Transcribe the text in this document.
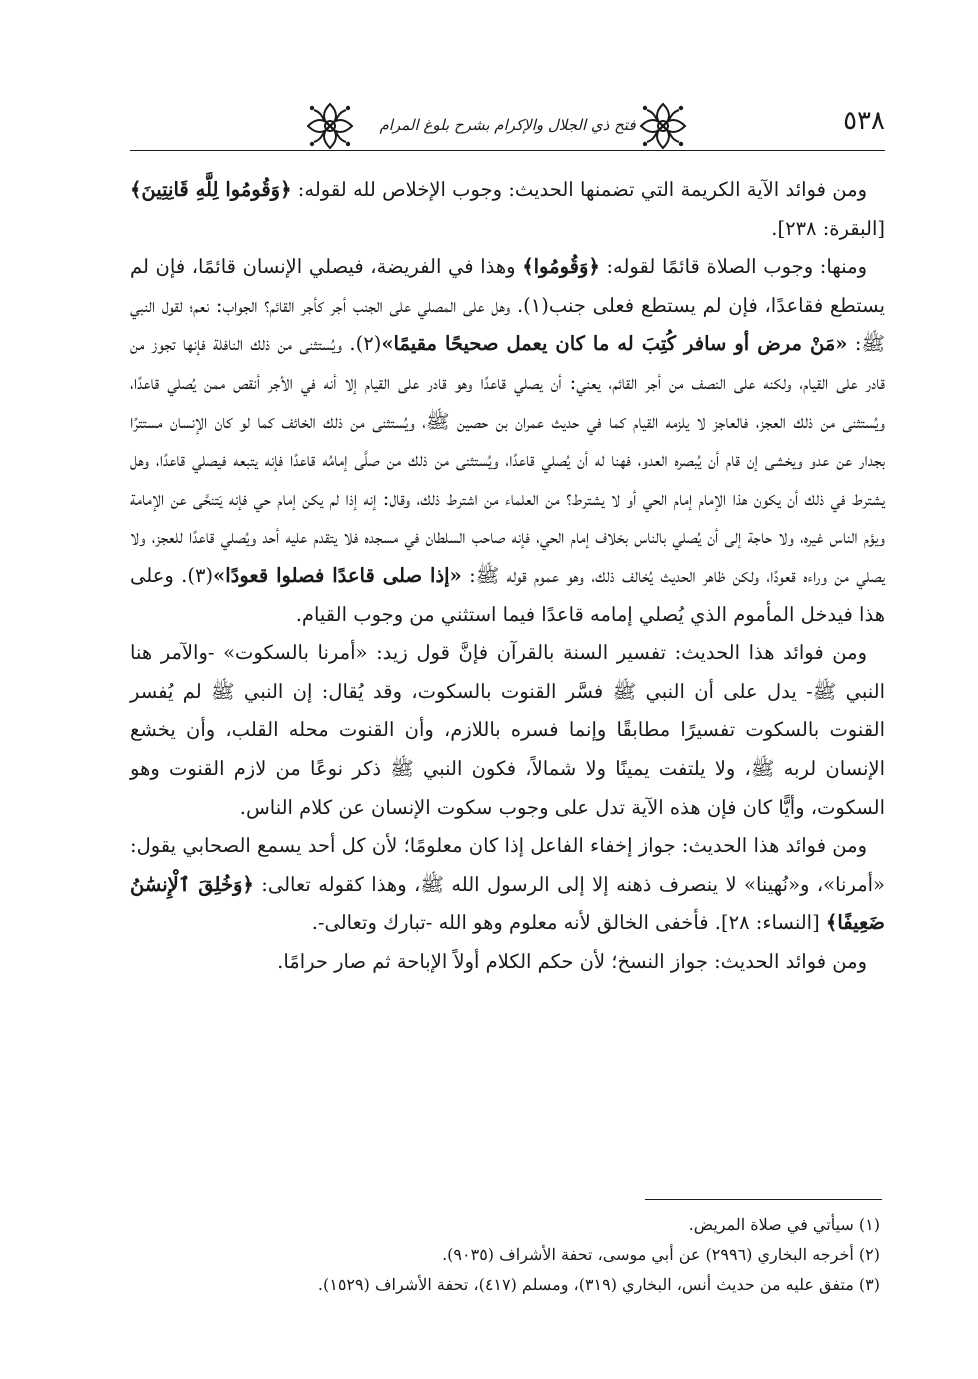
٥٣٨
فتح ذي الجلال والإكرام بشرح بلوغ المرام

ومن فوائد الآية الكريمة التي تضمنها الحديث: وجوب الإخلاص لله لقوله: ﴿وَقُومُوا لِلَّهِ قَانِتِينَ﴾ [البقرة: ٢٣٨].

ومنها: وجوب الصلاة قائمًا لقوله: ﴿وَقُومُوا﴾ وهذا في الفريضة، فيصلي الإنسان قائمًا، فإن لم يستطع فقاعدًا، فإن لم يستطع فعلى جنب(١). وهل على المصلي على الجنب أجر كأجر القائم؟ الجواب: نعم؛ لقول النبي ﷺ: «مَنْ مرض أو سافر كُتِبَ له ما كان يعمل صحيحًا مقيمًا»(٢). ويُستثنى من ذلك النافلة فإنها تجوز من قادر على القيام، ولكنه على النصف من أجر القائم، يعني: أن يصلي قاعدًا وهو قادر على القيام إلا أنه في الأجر أنقص ممن يُصلي قاعدًا، ويُستثنى من ذلك العجز، فالعاجز لا يلزمه القيام كما في حديث عمران بن حصين ﷺ، ويُستثنى من ذلك الخائف كما لو كان الإنسان مستترًا بجدار عن عدو ويخشى إن قام أن يُبصره العدو، فهنا له أن يُصلي قاعدًا، ويُستثنى من ذلك من صلَّى إمامُه قاعدًا فإنه يتبعه فيصلي قاعدًا، وهل يشترط في ذلك أن يكون هذا الإمام إمام الحي أو لا يشترط؟ من العلماء من اشترط ذلك، وقال: إنه إذا لم يكن إمام حي فإنه يَتنحَّى عن الإمامة ويؤم الناس غيره، ولا حاجة إلى أن يُصلي بالناس بخلاف إمام الحي، فإنه صاحب السلطان في مسجده فلا يتقدم عليه أحد ويُصلي قاعدًا للعجز، ولا يصلي من وراءه قعودًا، ولكن ظاهر الحديث يُخالف ذلك، وهو عموم قوله ﷺ: «إذا صلى قاعدًا فصلوا قعودًا»(٣). وعلى هذا فيدخل المأموم الذي يُصلي إمامه قاعدًا فيما استثني من وجوب القيام.

ومن فوائد هذا الحديث: تفسير السنة بالقرآن فإنَّ قول زيد: «أمرنا بالسكوت» -والآمر هنا النبي ﷺ- يدل على أن النبي ﷺ فسَّر القنوت بالسكوت، وقد يُقال: إن النبي ﷺ لم يُفسر القنوت بالسكوت تفسيرًا مطابقًا وإنما فسره باللازم، وأن القنوت محله القلب، وأن يخشع الإنسان لربه ﷺ، ولا يلتفت يمينًا ولا شمالاً، فكون النبي ﷺ ذكر نوعًا من لازم القنوت وهو السكوت، وأيًّا كان فإن هذه الآية تدل على وجوب سكوت الإنسان عن كلام الناس.

ومن فوائد هذا الحديث: جواز إخفاء الفاعل إذا كان معلومًا؛ لأن كل أحد يسمع الصحابي يقول: «أمرنا»، و«نُهينا» لا ينصرف ذهنه إلا إلى الرسول الله ﷺ، وهذا كقوله تعالى: ﴿وَخُلِقَ ٱلْإِنسَٰنُ ضَعِيفًا﴾ [النساء: ٢٨]. فأخفى الخالق لأنه معلوم وهو الله -تبارك وتعالى-.

ومن فوائد الحديث: جواز النسخ؛ لأن حكم الكلام أولاً الإباحة ثم صار حرامًا.

(١) سيأتي في صلاة المريض.

(٢) أخرجه البخاري (٢٩٩٦) عن أبي موسى، تحفة الأشراف (٩٠٣٥).

(٣) متفق عليه من حديث أنس، البخاري (٣١٩)، ومسلم (٤١٧)، تحفة الأشراف (١٥٢٩).
